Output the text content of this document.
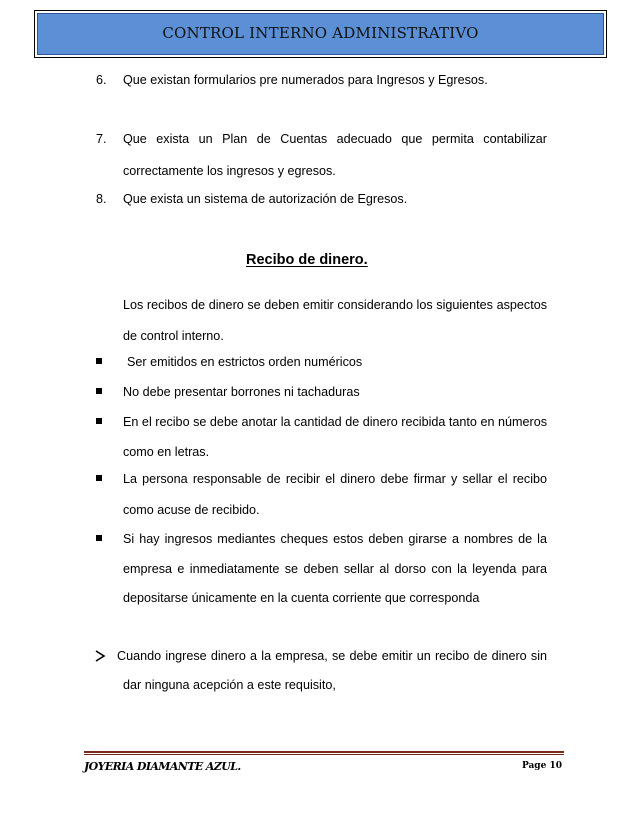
CONTROL INTERNO ADMINISTRATIVO
6. Que existan formularios pre numerados para Ingresos y Egresos.
7. Que exista un Plan de Cuentas adecuado que permita contabilizar
correctamente los ingresos y egresos.
8. Que exista un sistema de autorización de Egresos.
Recibo de dinero.
Los recibos de dinero se deben emitir considerando los siguientes aspectos
de control interno.
Ser emitidos en estrictos orden numéricos
No debe presentar borrones ni tachaduras
En el recibo se debe anotar la cantidad de dinero recibida tanto en números
como en letras.
La persona responsable de recibir el dinero debe firmar y sellar el recibo
como acuse de recibido.
Si hay ingresos mediantes cheques estos deben girarse a nombres de la
empresa e inmediatamente se deben sellar al dorso con la leyenda para
depositarse únicamente en la cuenta corriente que corresponda
Cuando ingrese dinero a la empresa, se debe emitir un recibo de dinero sin
dar ninguna acepción a este requisito,
JOYERIA DIAMANTE AZUL.	Page 10
